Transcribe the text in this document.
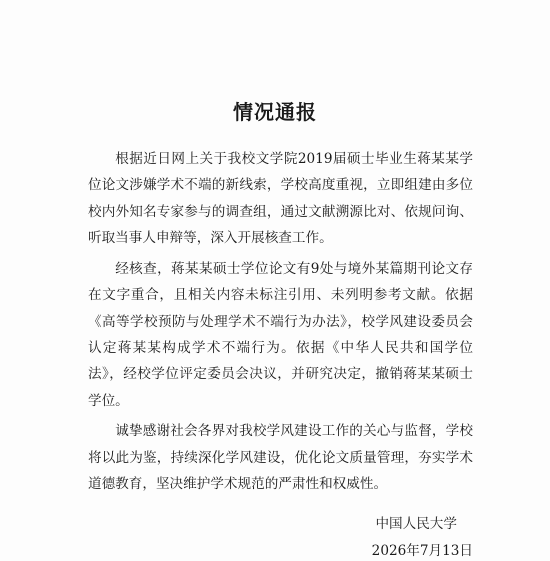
情况通报

根据近日网上关于我校文学院2019届硕士毕业生蒋某某学位论文涉嫌学术不端的新线索，学校高度重视，立即组建由多位校内外知名专家参与的调查组，通过文献溯源比对、依规问询、听取当事人申辩等，深入开展核查工作。

经核查，蒋某某硕士学位论文有9处与境外某篇期刊论文存在文字重合，且相关内容未标注引用、未列明参考文献。依据《高等学校预防与处理学术不端行为办法》，校学风建设委员会认定蒋某某构成学术不端行为。依据《中华人民共和国学位法》，经校学位评定委员会决议，并研究决定，撤销蒋某某硕士学位。

诚挚感谢社会各界对我校学风建设工作的关心与监督，学校将以此为鉴，持续深化学风建设，优化论文质量管理，夯实学术道德教育，坚决维护学术规范的严肃性和权威性。

中国人民大学
2026年7月13日
